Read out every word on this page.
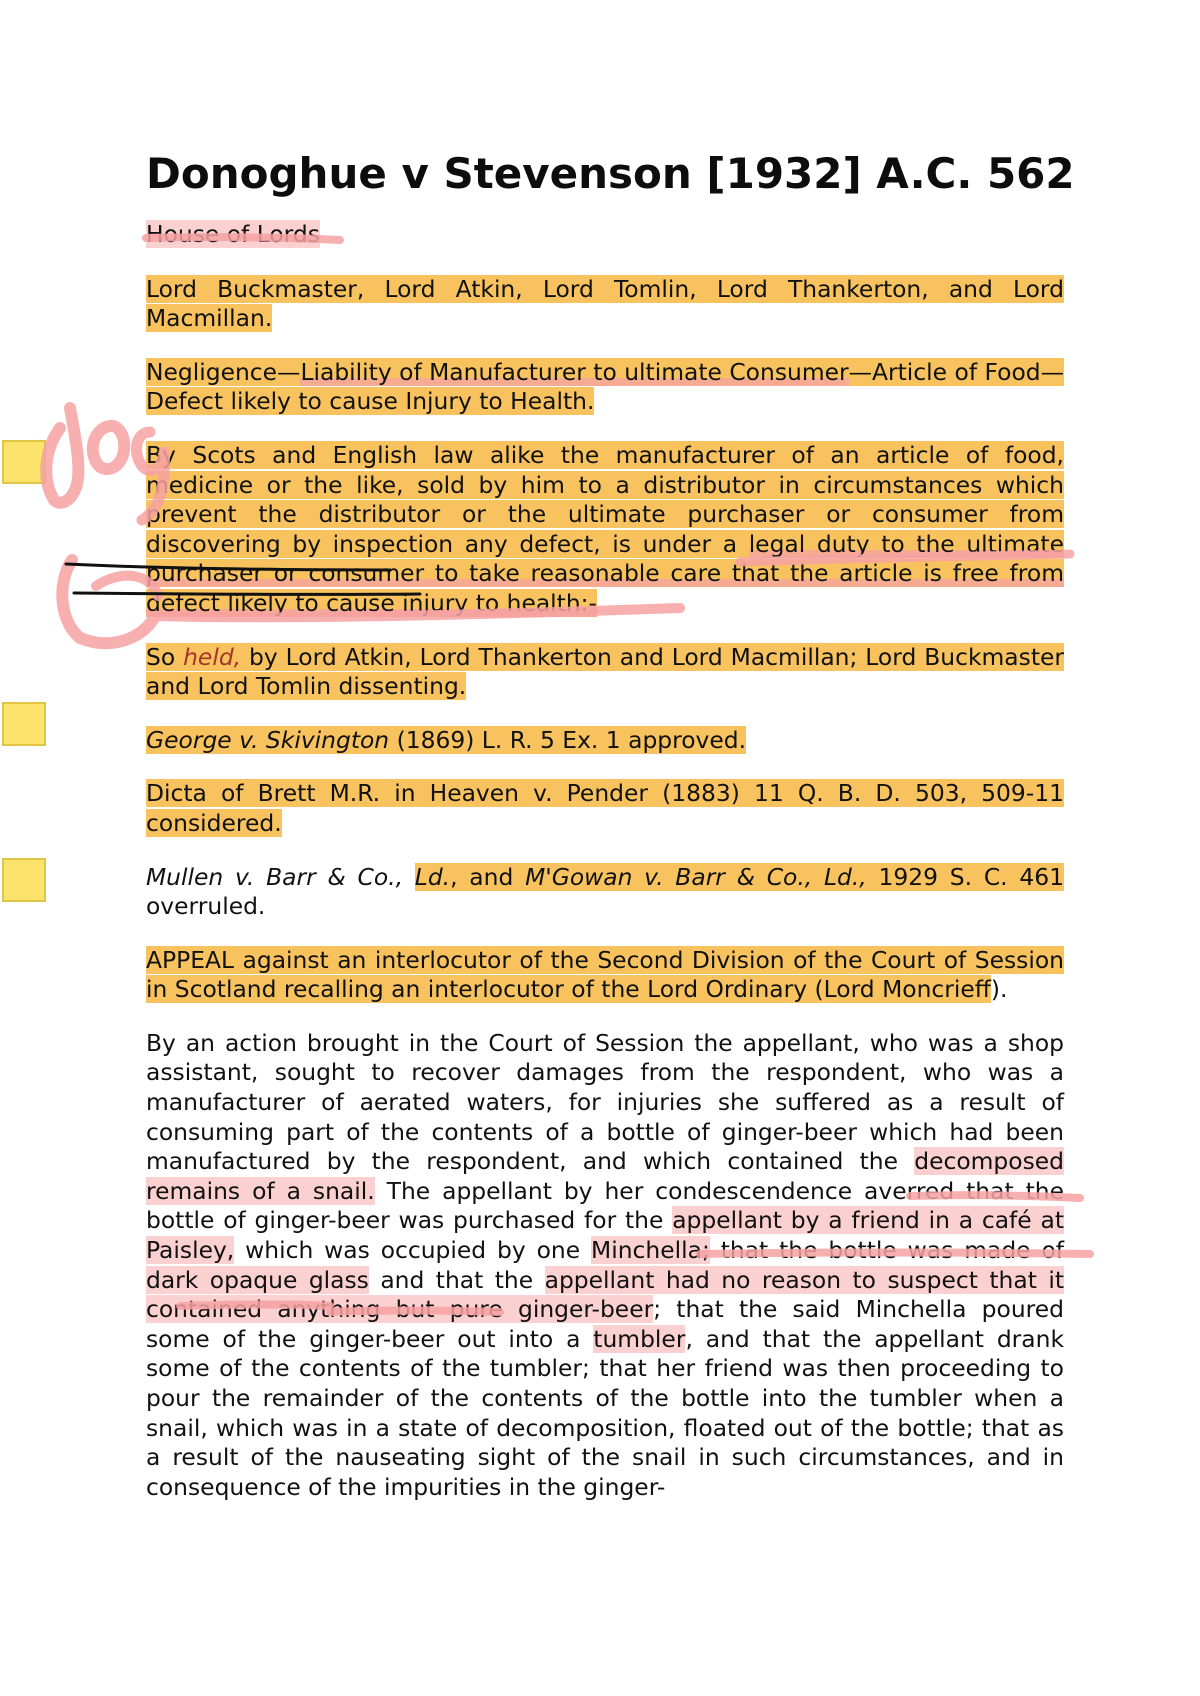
Donoghue v Stevenson [1932] A.C. 562

House of Lords

Lord Buckmaster, Lord Atkin, Lord Tomlin, Lord Thankerton, and Lord Macmillan.

Negligence—Liability of Manufacturer to ultimate Consumer—Article of Food—Defect likely to cause Injury to Health.

By Scots and English law alike the manufacturer of an article of food, medicine or the like, sold by him to a distributor in circumstances which prevent the distributor or the ultimate purchaser or consumer from discovering by inspection any defect, is under a legal duty to the ultimate purchaser or consumer to take reasonable care that the article is free from defect likely to cause injury to health:-

So held, by Lord Atkin, Lord Thankerton and Lord Macmillan; Lord Buckmaster and Lord Tomlin dissenting.

George v. Skivington (1869) L. R. 5 Ex. 1 approved.

Dicta of Brett M.R. in Heaven v. Pender (1883) 11 Q. B. D. 503, 509-11 considered.

Mullen v. Barr & Co., Ld., and M'Gowan v. Barr & Co., Ld., 1929 S. C. 461 overruled.

APPEAL against an interlocutor of the Second Division of the Court of Session in Scotland recalling an interlocutor of the Lord Ordinary (Lord Moncrieff).

By an action brought in the Court of Session the appellant, who was a shop assistant, sought to recover damages from the respondent, who was a manufacturer of aerated waters, for injuries she suffered as a result of consuming part of the contents of a bottle of ginger-beer which had been manufactured by the respondent, and which contained the decomposed remains of a snail. The appellant by her condescendence averred that the bottle of ginger-beer was purchased for the appellant by a friend in a café at Paisley, which was occupied by one Minchella; that the bottle was made of dark opaque glass and that the appellant had no reason to suspect that it contained anything but pure ginger-beer; that the said Minchella poured some of the ginger-beer out into a tumbler, and that the appellant drank some of the contents of the tumbler; that her friend was then proceeding to pour the remainder of the contents of the bottle into the tumbler when a snail, which was in a state of decomposition, floated out of the bottle; that as a result of the nauseating sight of the snail in such circumstances, and in consequence of the impurities in the ginger-
